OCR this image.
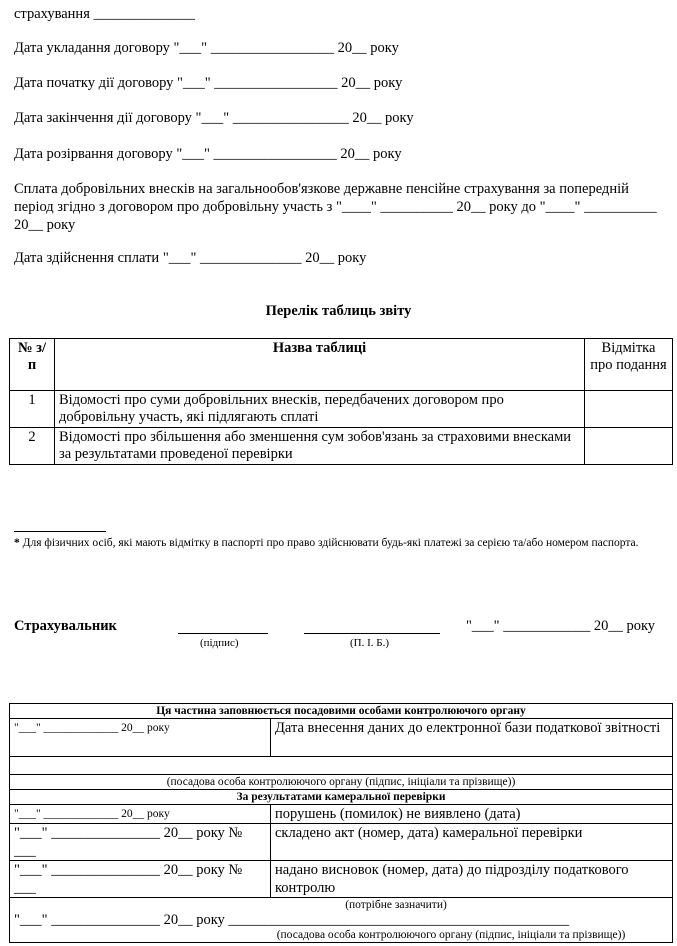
страхування ______________
Дата укладання договору "___" _________________ 20__ року
Дата початку дії договору "___" _________________ 20__ року
Дата закінчення дії договору "___" ________________ 20__ року
Дата розірвання договору "___" _________________ 20__ року
Сплата добровільних внесків на загальнообов'язкове державне пенсійне страхування за попередній період згідно з договором про добровільну участь з "____" __________ 20__ року до "____" __________ 20__ року
Дата здійснення сплати "___" ______________ 20__ року
Перелік таблиць звіту
№ з/п	Назва таблиці	Відмітка про подання
1	Відомості про суми добровільних внесків, передбачених договором про добровільну участь, які підлягають сплаті	
2	Відомості про збільшення або зменшення сум зобов'язань за страховими внесками за результатами проведеної перевірки	
* Для фізичних осіб, які мають відмітку в паспорті про право здійснювати будь-які платежі за серією та/або номером паспорта.
Страхувальник
(підпис)	(П. І. Б.)
"___" ____________ 20__ року
Ця частина заповнюється посадовими особами контролюючого органу	
"___" _____________ 20__ року	Дата внесення даних до електронної бази податкової звітності

(посадова особа контролюючого органу (підпис, ініціали та прізвище))	
За результатами камеральної перевірки	
"___" _____________ 20__ року	порушень (помилок) не виявлено (дата)
"___" _______________ 20__ року № ___	складено акт (номер, дата) камеральної перевірки
"___" _______________ 20__ року № ___	надано висновок (номер, дата) до підрозділу податкового контролю

(потрібне зазначити)
"___" _______________ 20__ року _______________________________________________
(посадова особа контролюючого органу (підпис, ініціали та прізвище))	
